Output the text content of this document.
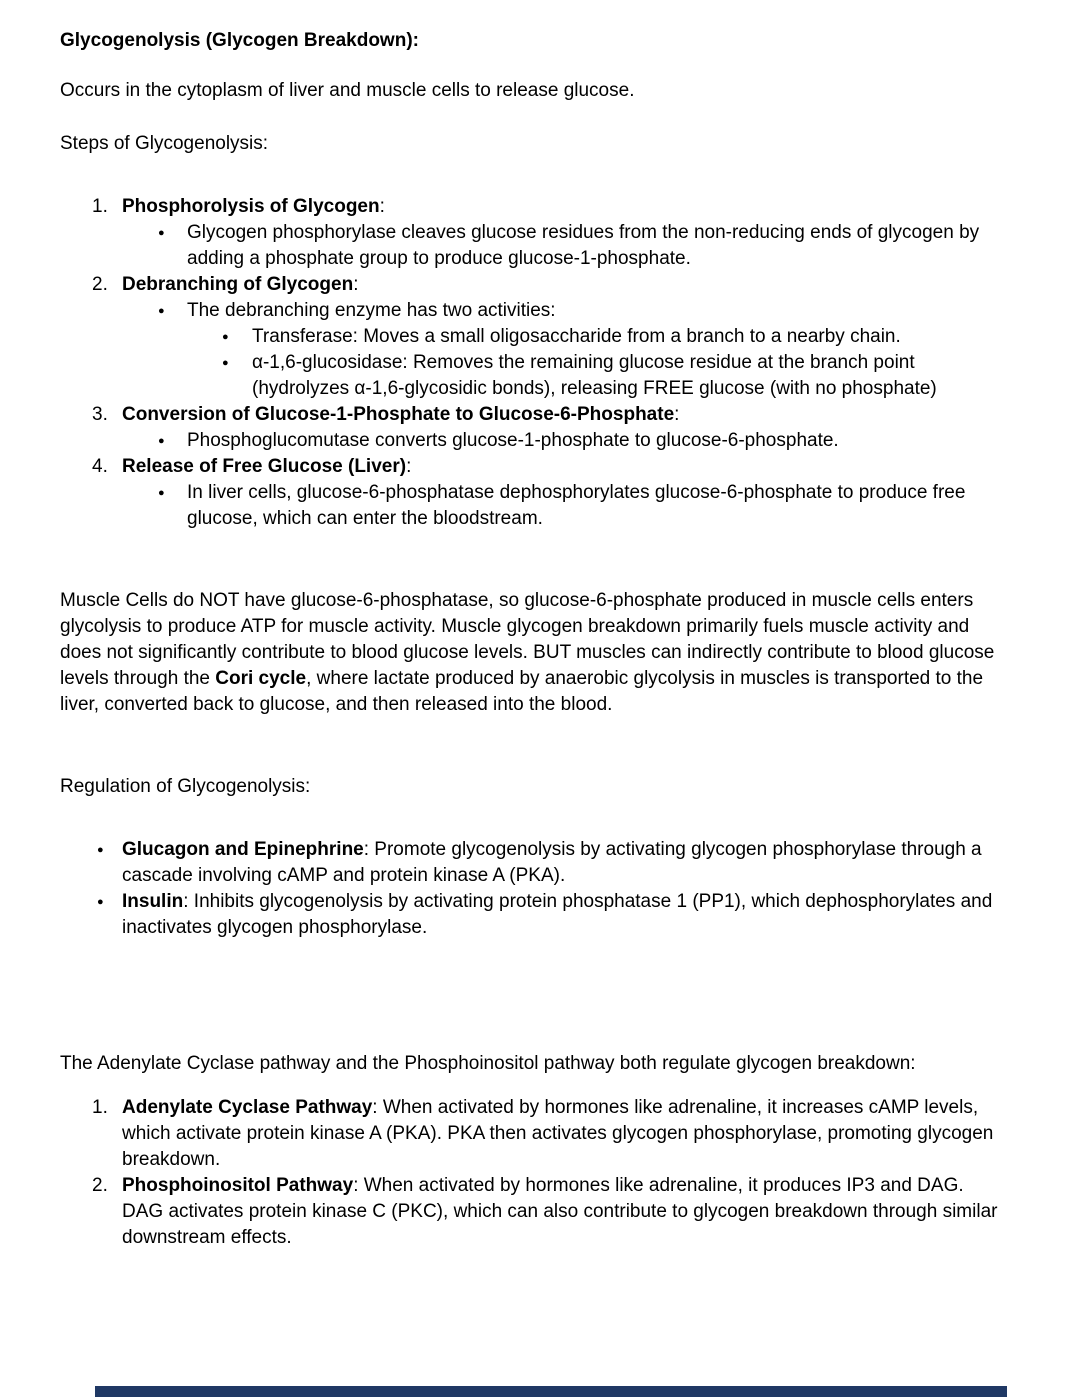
Glycogenolysis (Glycogen Breakdown):
Occurs in the cytoplasm of liver and muscle cells to release glucose.
Steps of Glycogenolysis:
1. Phosphorolysis of Glycogen:
●	Glycogen phosphorylase cleaves glucose residues from the non-reducing ends of glycogen by adding a phosphate group to produce glucose-1-phosphate.
2. Debranching of Glycogen:
●	The debranching enzyme has two activities:
●	Transferase: Moves a small oligosaccharide from a branch to a nearby chain.
●	α-1,6-glucosidase: Removes the remaining glucose residue at the branch point (hydrolyzes α-1,6-glycosidic bonds), releasing FREE glucose (with no phosphate)
3. Conversion of Glucose-1-Phosphate to Glucose-6-Phosphate:
●	Phosphoglucomutase converts glucose-1-phosphate to glucose-6-phosphate.
4. Release of Free Glucose (Liver):
●	In liver cells, glucose-6-phosphatase dephosphorylates glucose-6-phosphate to produce free glucose, which can enter the bloodstream.
Muscle Cells do NOT have glucose-6-phosphatase, so glucose-6-phosphate produced in muscle cells enters glycolysis to produce ATP for muscle activity. Muscle glycogen breakdown primarily fuels muscle activity and does not significantly contribute to blood glucose levels. BUT muscles can indirectly contribute to blood glucose levels through the Cori cycle, where lactate produced by anaerobic glycolysis in muscles is transported to the liver, converted back to glucose, and then released into the blood.
Regulation of Glycogenolysis:
● Glucagon and Epinephrine: Promote glycogenolysis by activating glycogen phosphorylase through a cascade involving cAMP and protein kinase A (PKA).
● Insulin: Inhibits glycogenolysis by activating protein phosphatase 1 (PP1), which dephosphorylates and inactivates glycogen phosphorylase.
The Adenylate Cyclase pathway and the Phosphoinositol pathway both regulate glycogen breakdown:
1. Adenylate Cyclase Pathway: When activated by hormones like adrenaline, it increases cAMP levels, which activate protein kinase A (PKA). PKA then activates glycogen phosphorylase, promoting glycogen breakdown.
2. Phosphoinositol Pathway: When activated by hormones like adrenaline, it produces IP3 and DAG. DAG activates protein kinase C (PKC), which can also contribute to glycogen breakdown through similar downstream effects.
